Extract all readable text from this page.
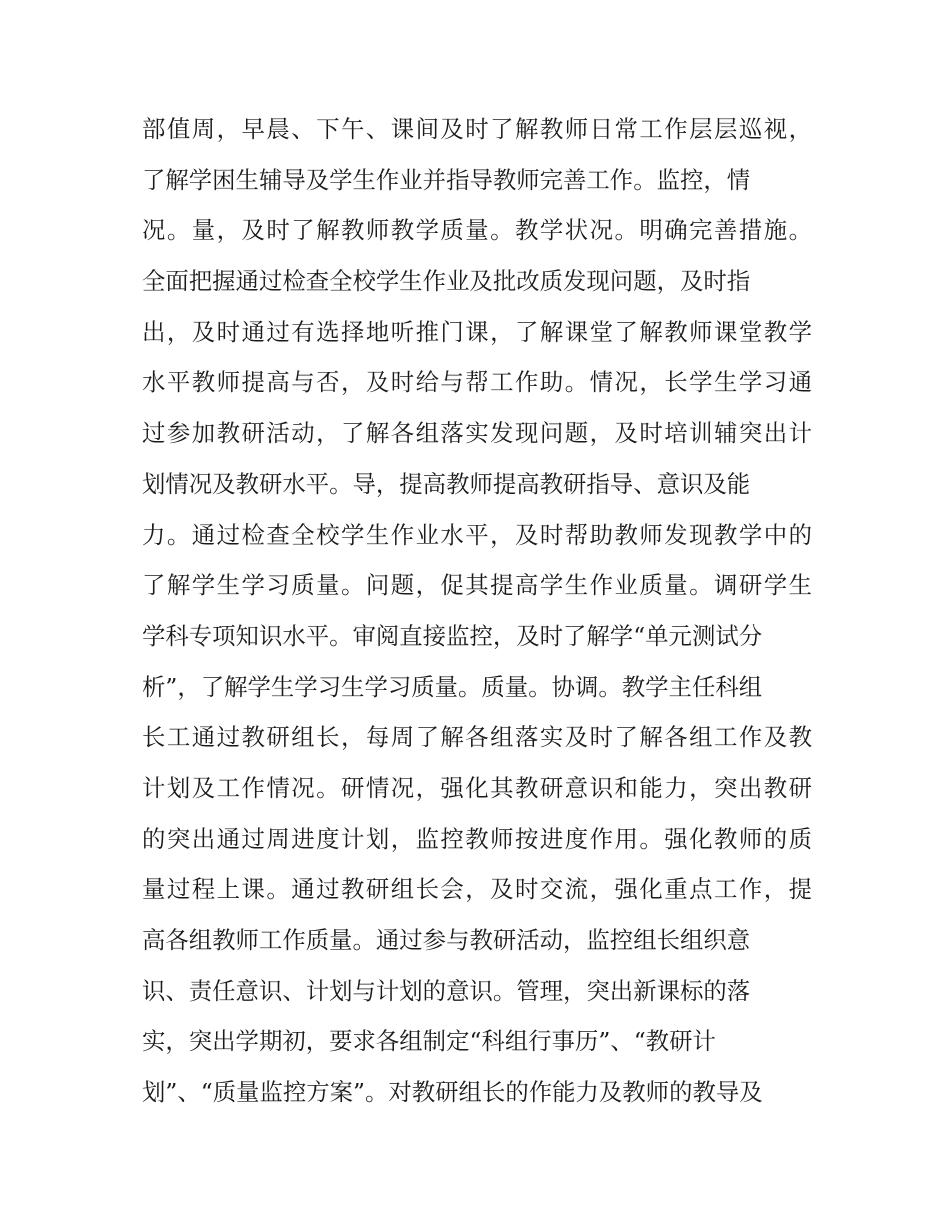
部值周，早晨、下午、课间及时了解教师日常工作层层巡视，
了解学困生辅导及学生作业并指导教师完善工作。监控，情
况。量，及时了解教师教学质量。教学状况。明确完善措施。
全面把握通过检查全校学生作业及批改质发现问题，及时指
出，及时通过有选择地听推门课，了解课堂了解教师课堂教学
水平教师提高与否，及时给与帮工作助。情况，长学生学习通
过参加教研活动，了解各组落实发现问题，及时培训辅突出计
划情况及教研水平。导，提高教师提高教研指导、意识及能
力。通过检查全校学生作业水平，及时帮助教师发现教学中的
了解学生学习质量。问题，促其提高学生作业质量。调研学生
学科专项知识水平。审阅直接监控，及时了解学“单元测试分
析”，了解学生学习生学习质量。质量。协调。教学主任科组
长工通过教研组长，每周了解各组落实及时了解各组工作及教
计划及工作情况。研情况，强化其教研意识和能力，突出教研
的突出通过周进度计划，监控教师按进度作用。强化教师的质
量过程上课。通过教研组长会，及时交流，强化重点工作，提
高各组教师工作质量。通过参与教研活动，监控组长组织意
识、责任意识、计划与计划的意识。管理，突出新课标的落
实，突出学期初，要求各组制定“科组行事历”、“教研计
划”、“质量监控方案”。对教研组长的作能力及教师的教导及
